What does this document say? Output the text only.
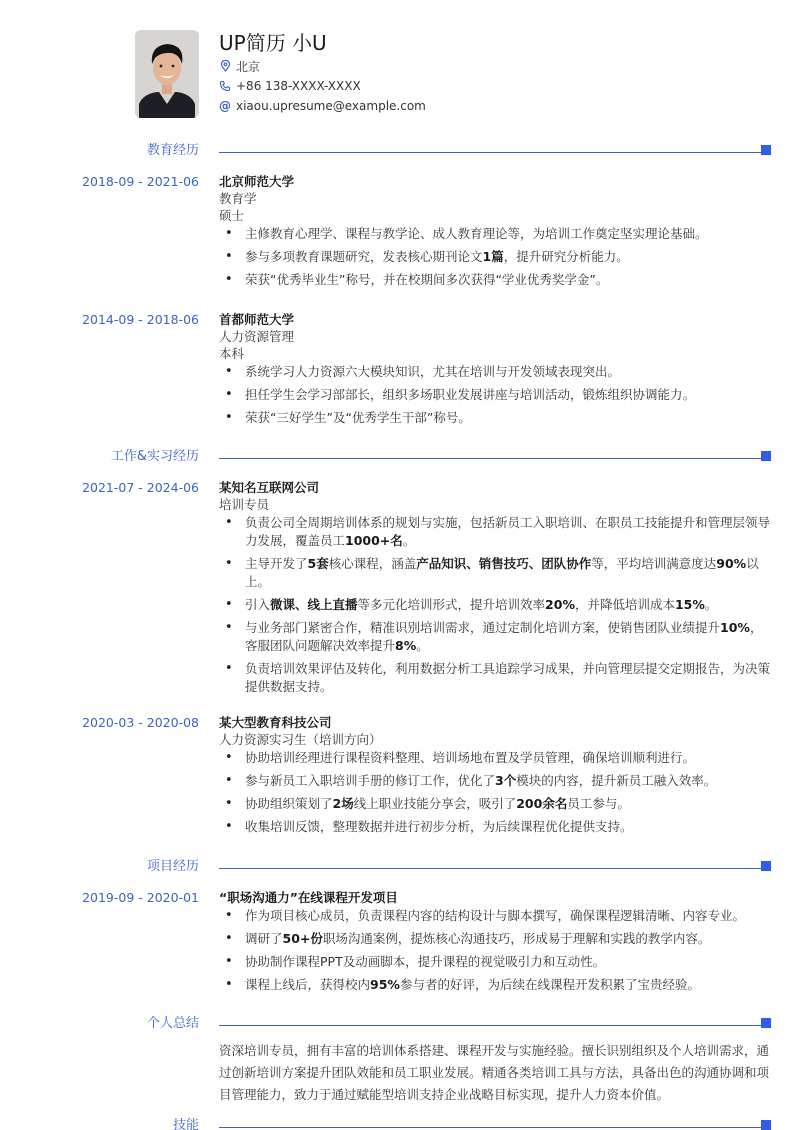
UP简历 小U
北京
+86 138-XXXX-XXXX
@ xiaou.upresume@example.com
教育经历
2018-09 - 2021-06 北京师范大学
教育学
硕士
• 主修教育心理学、课程与教学论、成人教育理论等，为培训工作奠定坚实理论基础。
• 参与多项教育课题研究，发表核心期刊论文1篇，提升研究分析能力。
• 荣获“优秀毕业生”称号，并在校期间多次获得“学业优秀奖学金”。
2014-09 - 2018-06 首都师范大学
人力资源管理
本科
• 系统学习人力资源六大模块知识，尤其在培训与开发领域表现突出。
• 担任学生会学习部部长，组织多场职业发展讲座与培训活动，锻炼组织协调能力。
• 荣获“三好学生”及“优秀学生干部”称号。
工作&实习经历
2021-07 - 2024-06 某知名互联网公司
培训专员
• 负责公司全周期培训体系的规划与实施，包括新员工入职培训、在职员工技能提升和管理层领导力发展，覆盖员工1000+名。
• 主导开发了5套核心课程，涵盖产品知识、销售技巧、团队协作等，平均培训满意度达90%以上。
• 引入微课、线上直播等多元化培训形式，提升培训效率20%，并降低培训成本15%。
• 与业务部门紧密合作，精准识别培训需求，通过定制化培训方案，使销售团队业绩提升10%，客服团队问题解决效率提升8%。
• 负责培训效果评估及转化，利用数据分析工具追踪学习成果，并向管理层提交定期报告，为决策提供数据支持。
2020-03 - 2020-08 某大型教育科技公司
人力资源实习生（培训方向）
• 协助培训经理进行课程资料整理、培训场地布置及学员管理，确保培训顺利进行。
• 参与新员工入职培训手册的修订工作，优化了3个模块的内容，提升新员工融入效率。
• 协助组织策划了2场线上职业技能分享会，吸引了200余名员工参与。
• 收集培训反馈，整理数据并进行初步分析，为后续课程优化提供支持。
项目经历
2019-09 - 2020-01 “职场沟通力”在线课程开发项目
• 作为项目核心成员，负责课程内容的结构设计与脚本撰写，确保课程逻辑清晰、内容专业。
• 调研了50+份职场沟通案例，提炼核心沟通技巧，形成易于理解和实践的教学内容。
• 协助制作课程PPT及动画脚本，提升课程的视觉吸引力和互动性。
• 课程上线后，获得校内95%参与者的好评，为后续在线课程开发积累了宝贵经验。
个人总结
资深培训专员，拥有丰富的培训体系搭建、课程开发与实施经验。擅长识别组织及个人培训需求，通过创新培训方案提升团队效能和员工职业发展。精通各类培训工具与方法，具备出色的沟通协调和项目管理能力，致力于通过赋能型培训支持企业战略目标实现，提升人力资本价值。
技能
